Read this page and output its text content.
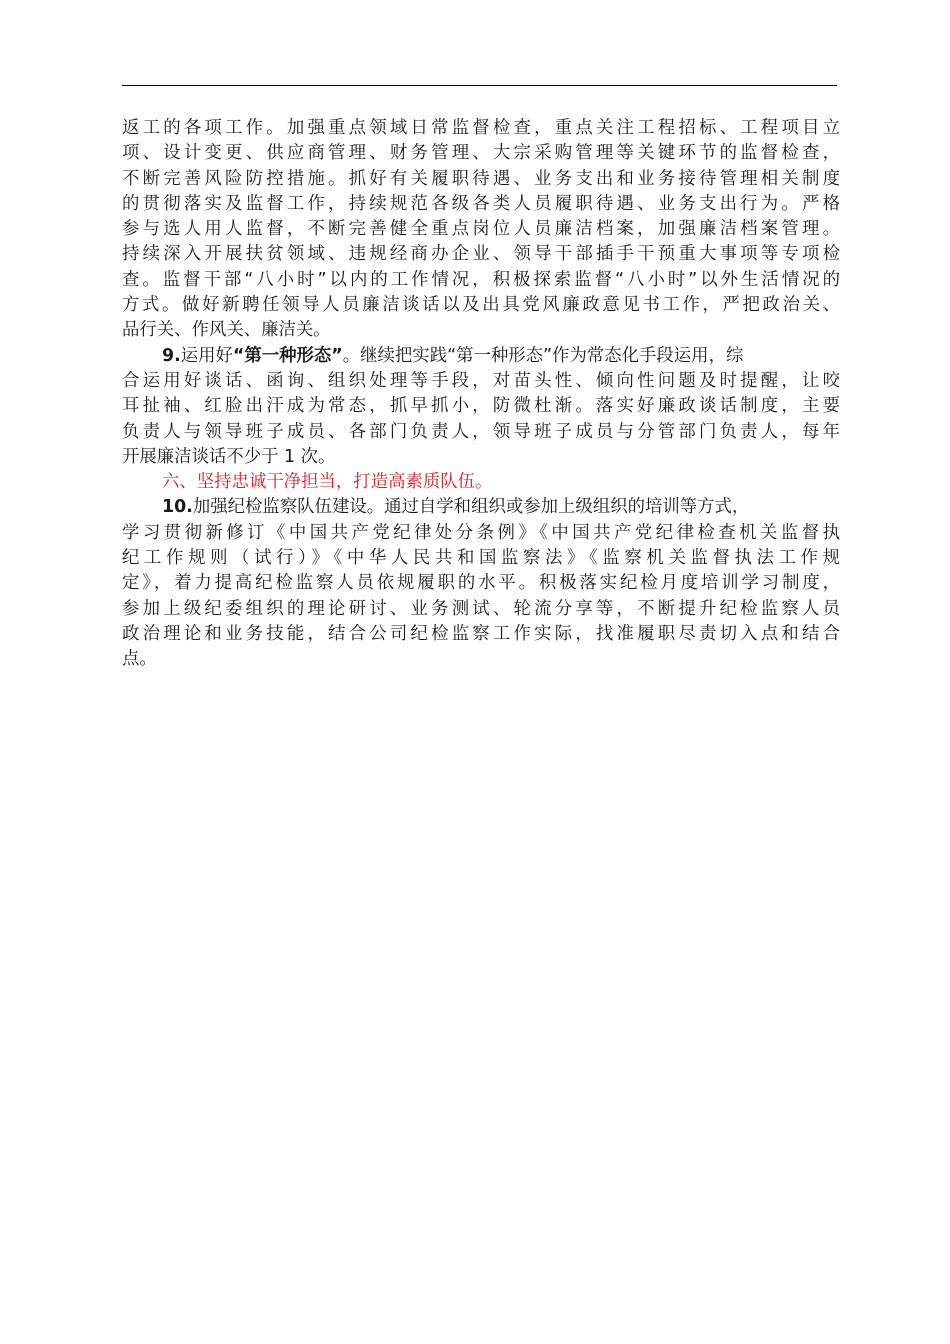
返工的各项工作。加强重点领域日常监督检查，重点关注工程招标、工程项目立
项、设计变更、供应商管理、财务管理、大宗采购管理等关键环节的监督检查，
不断完善风险防控措施。抓好有关履职待遇、业务支出和业务接待管理相关制度
的贯彻落实及监督工作，持续规范各级各类人员履职待遇、业务支出行为。严格
参与选人用人监督，不断完善健全重点岗位人员廉洁档案，加强廉洁档案管理。
持续深入开展扶贫领域、违规经商办企业、领导干部插手干预重大事项等专项检
查。监督干部“八小时”以内的工作情况，积极探索监督“八小时”以外生活情况的
方式。做好新聘任领导人员廉洁谈话以及出具党风廉政意见书工作，严把政治关、
品行关、作风关、廉洁关。
9.运用好“第一种形态”。继续把实践“第一种形态”作为常态化手段运用，综
合运用好谈话、函询、组织处理等手段，对苗头性、倾向性问题及时提醒，让咬
耳扯袖、红脸出汗成为常态，抓早抓小，防微杜渐。落实好廉政谈话制度，主要
负责人与领导班子成员、各部门负责人，领导班子成员与分管部门负责人，每年
开展廉洁谈话不少于 1 次。
六、坚持忠诚干净担当，打造高素质队伍。
10.加强纪检监察队伍建设。通过自学和组织或参加上级组织的培训等方式，
学习贯彻新修订《中国共产党纪律处分条例》《中国共产党纪律检查机关监督执
纪工作规则（试行）》《中华人民共和国监察法》《监察机关监督执法工作规
定》，着力提高纪检监察人员依规履职的水平。积极落实纪检月度培训学习制度，
参加上级纪委组织的理论研讨、业务测试、轮流分享等，不断提升纪检监察人员
政治理论和业务技能，结合公司纪检监察工作实际，找准履职尽责切入点和结合
点。
